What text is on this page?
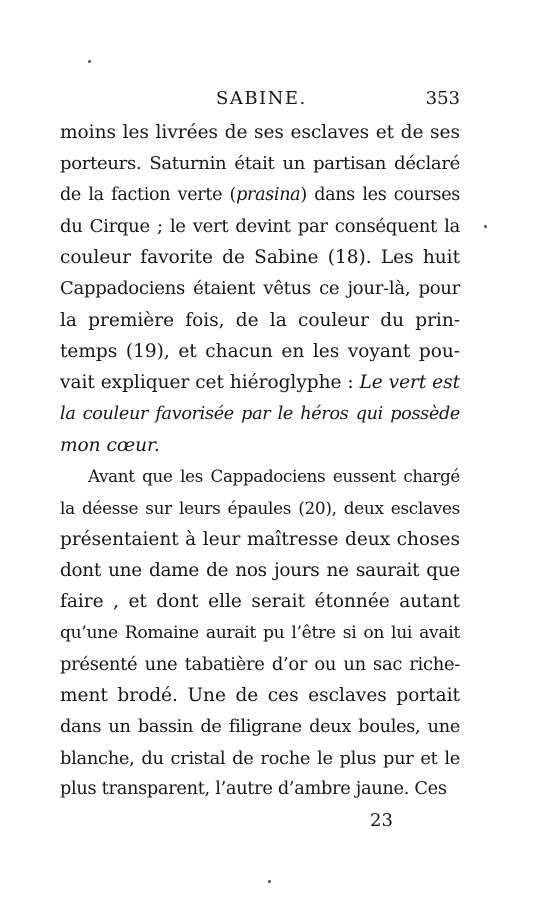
SABINE.	353
moins les livrées de ses esclaves et de ses
porteurs. Saturnin était un partisan déclaré
de la faction verte (prasina) dans les courses
du Cirque ; le vert devint par conséquent la
couleur favorite de Sabine (18). Les huit
Cappadociens étaient vêtus ce jour-là, pour
la première fois, de la couleur du prin-
temps (19), et chacun en les voyant pou-
vait expliquer cet hiéroglyphe : Le vert est
la couleur favorisée par le héros qui possède
mon cœur.
Avant que les Cappadociens eussent chargé
la déesse sur leurs épaules (20), deux esclaves
présentaient à leur maîtresse deux choses
dont une dame de nos jours ne saurait que
faire , et dont elle serait étonnée autant
qu’une Romaine aurait pu l’être si on lui avait
présenté une tabatière d’or ou un sac riche-
ment brodé. Une de ces esclaves portait
dans un bassin de filigrane deux boules, une
blanche, du cristal de roche le plus pur et le
plus transparent, l’autre d’ambre jaune. Ces
23
